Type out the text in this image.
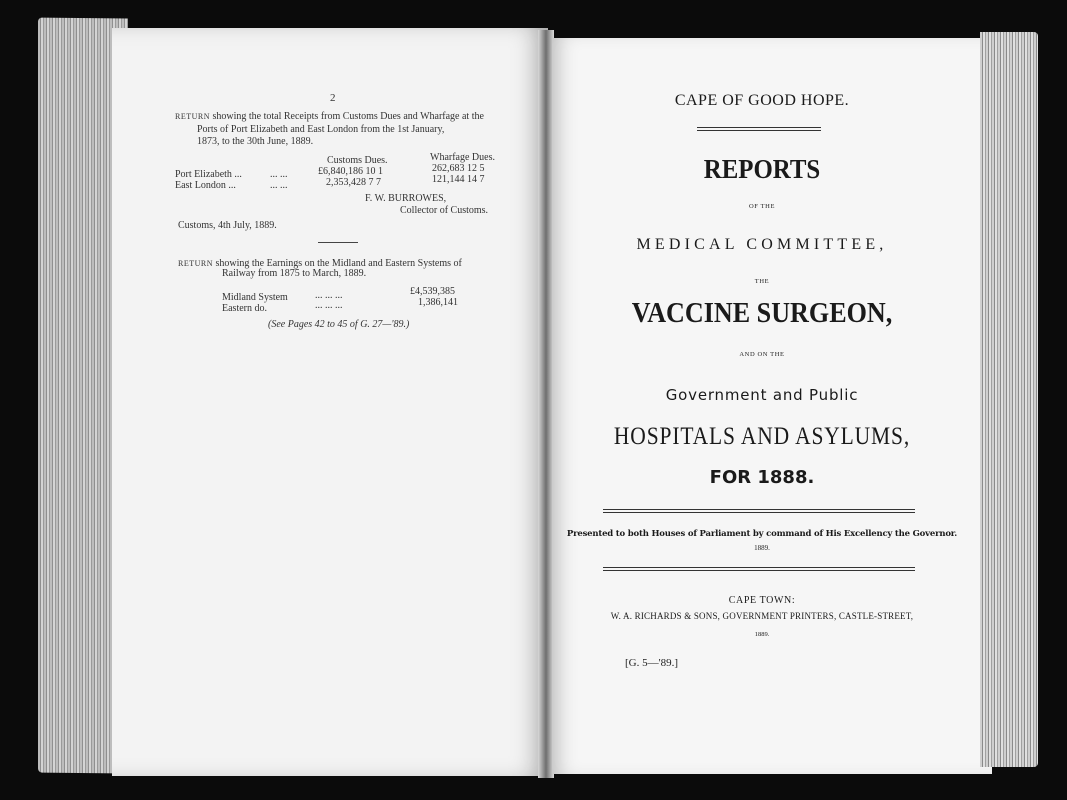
2
RETURN showing the total Receipts from Customs Dues and Wharfage at the
Ports of Port Elizabeth and East London from the 1st January,
1873, to the 30th June, 1889.
Customs Dues.	Wharfage Dues.
Port Elizabeth ...	... ...	£6,840,186 10 1	262,683 12 5
East London ...	... ...	2,353,428 7 7	121,144 14 7
F. W. BURROWES,
Collector of Customs.
Customs, 4th July, 1889.
RETURN showing the Earnings on the Midland and Eastern Systems of
Railway from 1875 to March, 1889.
Midland System	... ... ...	£4,539,385
Eastern do.	... ... ...	1,386,141
(See Pages 42 to 45 of G. 27—'89.)
CAPE OF GOOD HOPE.
REPORTS
OF THE
MEDICAL COMMITTEE,
THE
VACCINE SURGEON,
AND ON THE
Government and Public
HOSPITALS AND ASYLUMS,
FOR 1888.
Presented to both Houses of Parliament by command of His Excellency the Governor.
1889.
CAPE TOWN:
W. A. RICHARDS & SONS, GOVERNMENT PRINTERS, CASTLE-STREET,
1889.
[G. 5—'89.]
